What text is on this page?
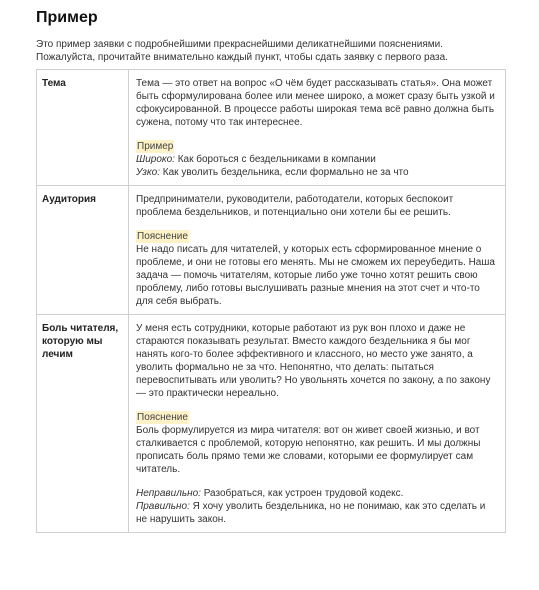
Пример
Это пример заявки с подробнейшими прекраснейшими деликатнейшими пояснениями.
Пожалуйста, прочитайте внимательно каждый пункт, чтобы сдать заявку с первого раза.
Тема	Тема — это ответ на вопрос «О чём будет рассказывать статья». Она может быть сформулирована более или менее широко, а может сразу быть узкой и сфокусированной. В процессе работы широкая тема всё равно должна быть сужена, потому что так интереснее.
Пример
Широко: Как бороться с бездельниками в компании
Узко: Как уволить бездельника, если формально не за что

Аудитория	Предприниматели, руководители, работодатели, которых беспокоит проблема бездельников, и потенциально они хотели бы ее решить.
Пояснение
Не надо писать для читателей, у которых есть сформированное мнение о проблеме, и они не готовы его менять. Мы не сможем их переубедить. Наша задача — помочь читателям, которые либо уже точно хотят решить свою проблему, либо готовы выслушивать разные мнения на этот счет и что-то для себя выбрать.

Боль читателя, которую мы лечим	У меня есть сотрудники, которые работают из рук вон плохо и даже не стараются показывать результат. Вместо каждого бездельника я бы мог нанять кого-то более эффективного и классного, но место уже занято, а уволить формально не за что. Непонятно, что делать: пытаться перевоспитывать или уволить? Но увольнять хочется по закону, а по закону — это практически нереально.
Пояснение
Боль формулируется из мира читателя: вот он живет своей жизнью, и вот сталкивается с проблемой, которую непонятно, как решить. И мы должны прописать боль прямо теми же словами, которыми ее формулирует сам читатель.
Неправильно: Разобраться, как устроен трудовой кодекс.
Правильно: Я хочу уволить бездельника, но не понимаю, как это сделать и не нарушить закон.
